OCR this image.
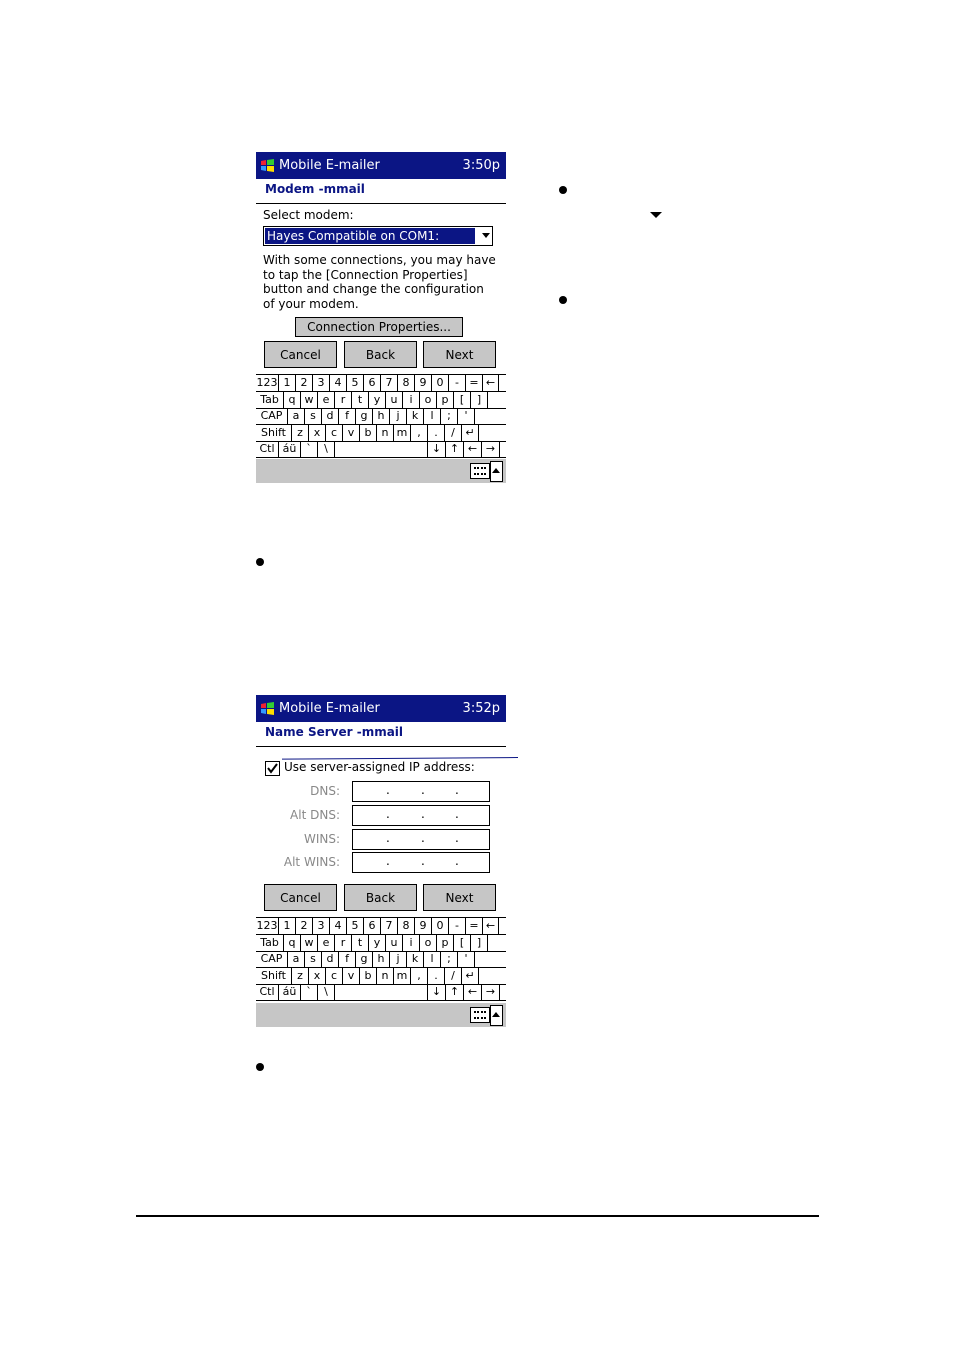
Mobile E-mailer	3:50p
Modem -mmail
Select modem:
Hayes Compatible on COM1:
With some connections, you may have
to tap the [Connection Properties]
button and change the configuration
of your modem.
Connection Properties...
Cancel	Back	Next
123 1 2 3 4 5 6 7 8 9 0	- = ←
Tab q w e	r	t	y u	i	o p	[	]
CAP a s d	f	g h	j	k	l	;	'
Shift	z x c v b n m ,	.	/ ↵
Ctl áü `	\	↓ ↑ ← →
Mobile E-mailer	3:52p
Name Server -mmail
Use server-assigned IP address:
DNS:	.	.	.
Alt DNS:	.	.	.
WINS:	.	.	.
Alt WINS:	.	.	.
Cancel	Back	Next
123 1 2 3 4 5 6 7 8 9 0	- = ←
Tab q w e	r	t	y u	i	o p	[	]
CAP a s d	f	g h	j	k	l	;	'
Shift	z x c v b n m ,	.	/ ↵
Ctl áü `	\	↓ ↑ ← →
